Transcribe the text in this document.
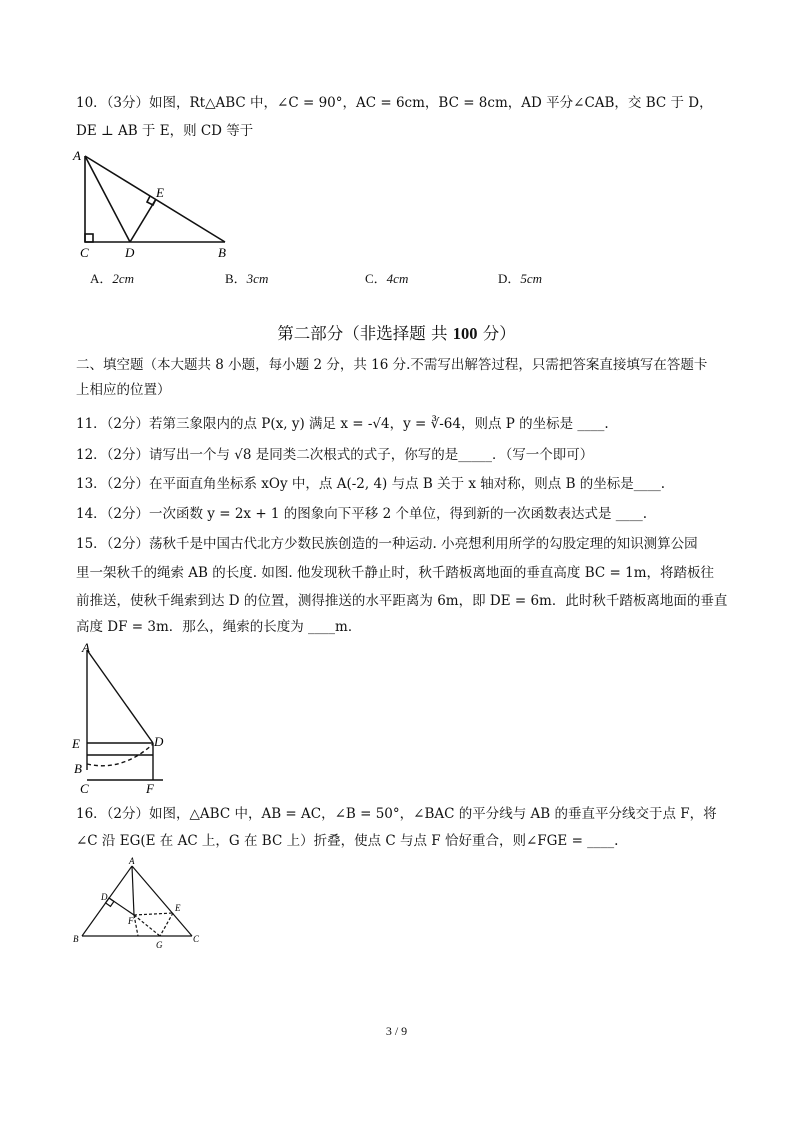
10．（3分）如图，Rt△ABC 中，∠C = 90°，AC = 6cm，BC = 8cm，AD 平分∠CAB，交 BC 于 D，
DE ⊥ AB 于 E，则 CD 等于
A
C	D	B
E
A．2cm	B．3cm	C．4cm	D．5cm
第二部分（非选择题 共 100 分）
二、填空题（本大题共 8 小题，每小题 2 分，共 16 分.不需写出解答过程，只需把答案直接填写在答题卡
上相应的位置）
11．（2分）若第三象限内的点 P(x, y) 满足 x = -√4，y = ∛-64，则点 P 的坐标是 ____.
12．（2分）请写出一个与 √8 是同类二次根式的式子，你写的是_____．（写一个即可）
13．（2分）在平面直角坐标系 xOy 中，点 A(-2, 4) 与点 B 关于 x 轴对称，则点 B 的坐标是____.
14．（2分）一次函数 y = 2x + 1 的图象向下平移 2 个单位，得到新的一次函数表达式是 ____.
15．（2分）荡秋千是中国古代北方少数民族创造的一种运动. 小亮想利用所学的勾股定理的知识测算公园
里一架秋千的绳索 AB 的长度. 如图. 他发现秋千静止时，秋千踏板离地面的垂直高度 BC = 1m，将踏板往
前推送，使秋千绳索到达 D 的位置，测得推送的水平距离为 6m，即 DE = 6m．此时秋千踏板离地面的垂直
高度 DF = 3m．那么，绳索的长度为 ____m．
A
E	D
B
C	F
16．（2分）如图，△ABC 中，AB = AC，∠B = 50°，∠BAC 的平分线与 AB 的垂直平分线交于点 F，将
∠C 沿 EG(E 在 AC 上，G 在 BC 上）折叠，使点 C 与点 F 恰好重合，则∠FGE = ____.
A
D
E
F
B	C
G
3 / 9
